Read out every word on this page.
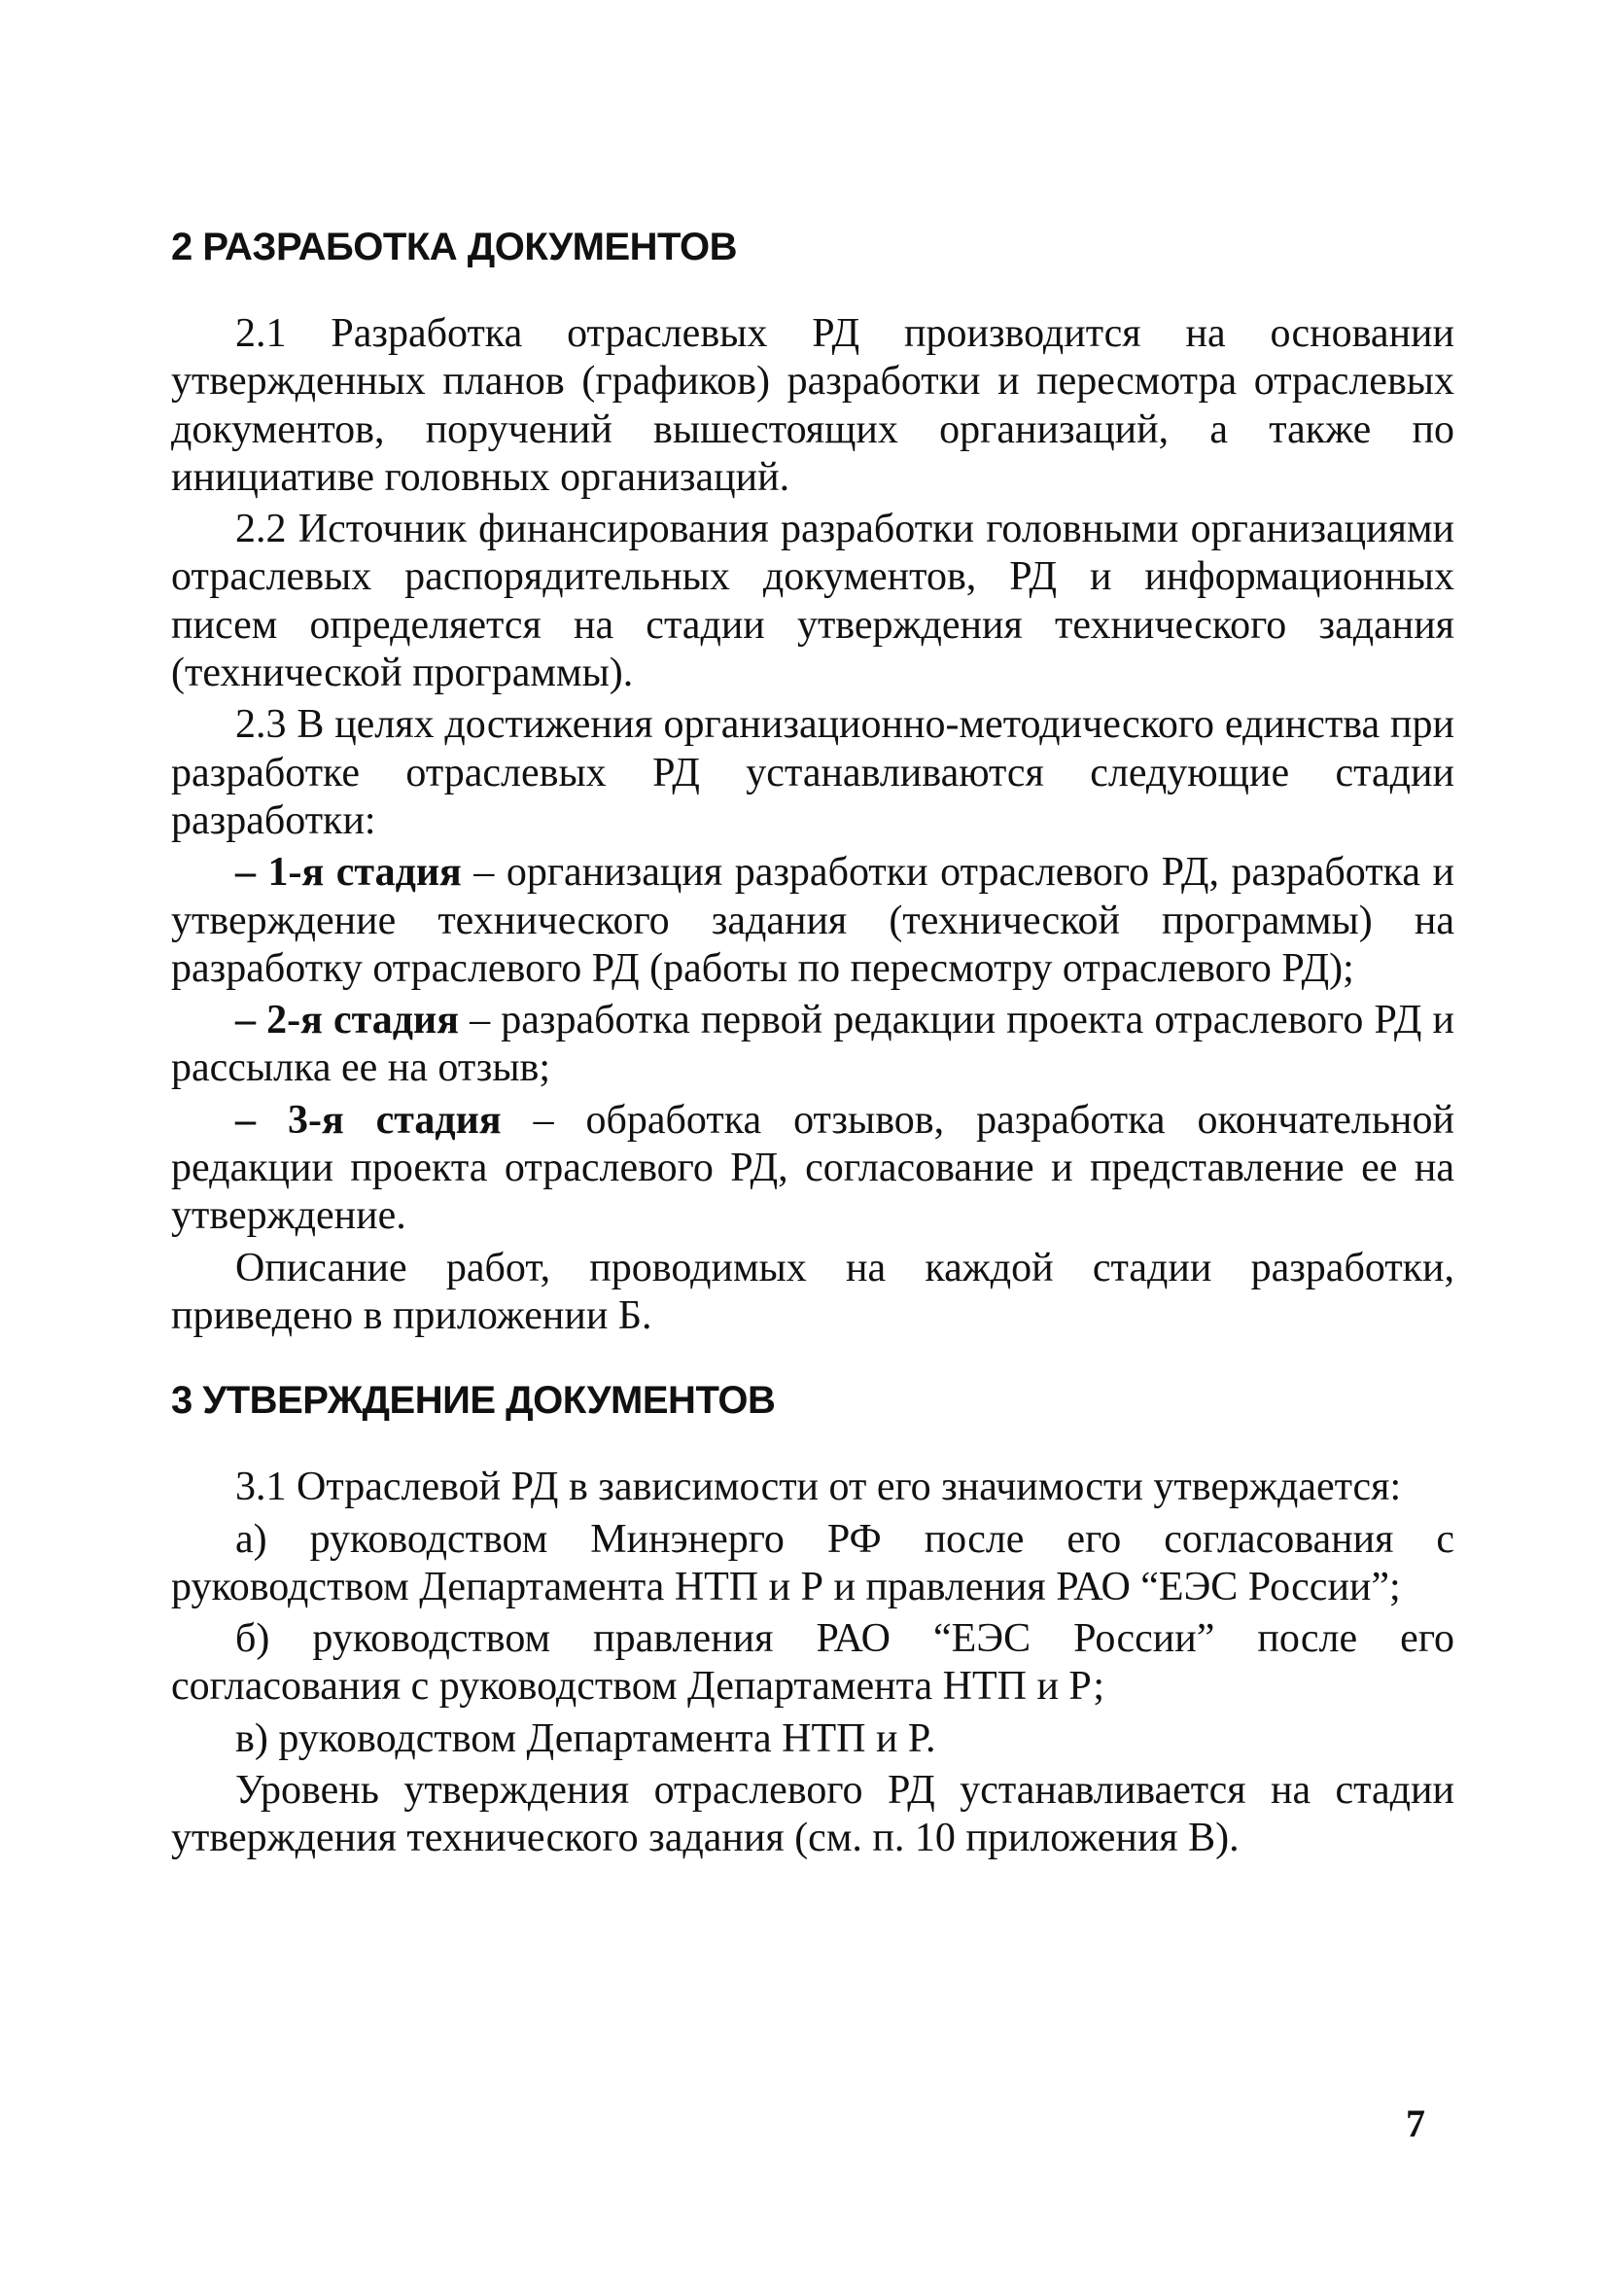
2 РАЗРАБОТКА ДОКУМЕНТОВ

2.1 Разработка отраслевых РД производится на основании утвержденных планов (графиков) разработки и пересмотра отраслевых документов, поручений вышестоящих организаций, а также по инициативе головных организаций.

2.2 Источник финансирования разработки головными организациями отраслевых распорядительных документов, РД и информационных писем определяется на стадии утверждения технического задания (технической программы).

2.3 В целях достижения организационно-методического единства при разработке отраслевых РД устанавливаются следующие стадии разработки:

– 1-я стадия – организация разработки отраслевого РД, разработка и утверждение технического задания (технической программы) на разработку отраслевого РД (работы по пересмотру отраслевого РД);

– 2-я стадия – разработка первой редакции проекта отраслевого РД и рассылка ее на отзыв;

– 3-я стадия – обработка отзывов, разработка окончательной редакции проекта отраслевого РД, согласование и представление ее на утверждение.

Описание работ, проводимых на каждой стадии разработки, приведено в приложении Б.

3 УТВЕРЖДЕНИЕ ДОКУМЕНТОВ

3.1 Отраслевой РД в зависимости от его значимости утверждается:

а) руководством Минэнерго РФ после его согласования с руководством Департамента НТП и Р и правления РАО “ЕЭС России”;

б) руководством правления РАО “ЕЭС России” после его согласования с руководством Департамента НТП и Р;

в) руководством Департамента НТП и Р.

Уровень утверждения отраслевого РД устанавливается на стадии утверждения технического задания (см. п. 10 приложения В).

7
